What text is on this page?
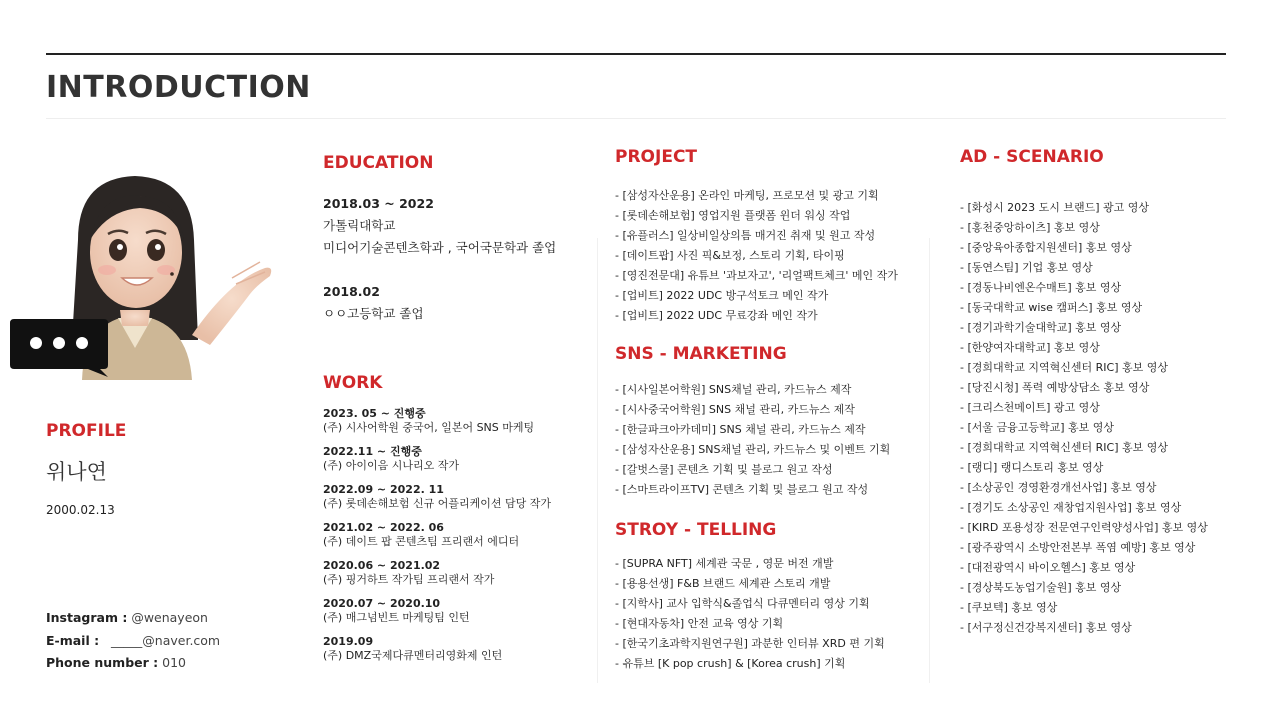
INTRODUCTION
PROFILE
위나연
2000.02.13
Instagram : @wenayeon
E-mail : _____@naver.com
Phone number : 010
EDUCATION
2018.03 ~ 2022
가톨릭대학교
미디어기술콘텐츠학과 , 국어국문학과 졸업
2018.02
ㅇㅇ고등학교 졸업
WORK
2023. 05 ~ 진행중
(주) 시사어학원 중국어, 일본어 SNS 마케팅
2022.11 ~ 진행중
(주) 아이이음 시나리오 작가
2022.09 ~ 2022. 11
(주) 롯데손해보험 신규 어플리케이션 담당 작가
2021.02 ~ 2022. 06
(주) 데이트 팝 콘텐츠팀 프리랜서 에디터
2020.06 ~ 2021.02
(주) 핑거하트 작가팀 프리랜서 작가
2020.07 ~ 2020.10
(주) 매그넘빈트 마케팅팀 인턴
2019.09
(주) DMZ국제다큐멘터리영화제 인턴
PROJECT
- [삼성자산운용] 온라인 마케팅, 프로모션 및 광고 기획
- [롯데손해보험] 영업지원 플랫폼 윈더 워싱 작업
- [유플러스] 일상비일상의틈 매거진 취재 및 원고 작성
- [데이트팝] 사진 픽&보정, 스토리 기획, 타이핑
- [영진전문대] 유튜브 '과보자고', '리얼팩트체크' 메인 작가
- [업비트] 2022 UDC 방구석토크 메인 작가
- [업비트] 2022 UDC 무료강좌 메인 작가
SNS - MARKETING
- [시사일본어학원] SNS채널 관리, 카드뉴스 제작
- [시사중국어학원] SNS 채널 관리, 카드뉴스 제작
- [한글파크아카데미] SNS 채널 관리, 카드뉴스 제작
- [삼성자산운용] SNS채널 관리, 카드뉴스 및 이벤트 기획
- [갈벗스쿨] 콘텐츠 기획 및 블로그 원고 작성
- [스마트라이프TV] 콘텐츠 기획 및 블로그 원고 작성
STROY - TELLING
- [SUPRA NFT] 세계관 국문 , 영문 버전 개발
- [용용선생] F&B 브랜드 세계관 스토리 개발
- [지학사] 교사 입학식&졸업식 다큐멘터리 영상 기획
- [현대자동차] 안전 교육 영상 기획
- [한국기초과학지원연구원] 과분한 인터뷰 XRD 편 기획
- 유튜브 [K pop crush] & [Korea crush] 기획
AD - SCENARIO
- [화성시 2023 도시 브랜드] 광고 영상
- [홍천중앙하이츠] 홍보 영상
- [중앙육아종합지원센터] 홍보 영상
- [동연스팀] 기업 홍보 영상
- [경동나비엔온수매트] 홍보 영상
- [동국대학교 wise 캠퍼스] 홍보 영상
- [경기과학기술대학교] 홍보 영상
- [한양여자대학교] 홍보 영상
- [경희대학교 지역혁신센터 RIC] 홍보 영상
- [당진시청] 폭력 예방상담소 홍보 영상
- [크리스천메이트] 광고 영상
- [서울 금융고등학교] 홍보 영상
- [경희대학교 지역혁신센터 RIC] 홍보 영상
- [랭디] 랭디스토리 홍보 영상
- [소상공인 경영환경개선사업] 홍보 영상
- [경기도 소상공인 재창업지원사업] 홍보 영상
- [KIRD 포용성장 전문연구인력양성사업] 홍보 영상
- [광주광역시 소방안전본부 폭염 예방] 홍보 영상
- [대전광역시 바이오헬스] 홍보 영상
- [경상북도농업기술원] 홍보 영상
- [쿠보텍] 홍보 영상
- [서구정신건강복지센터] 홍보 영상
